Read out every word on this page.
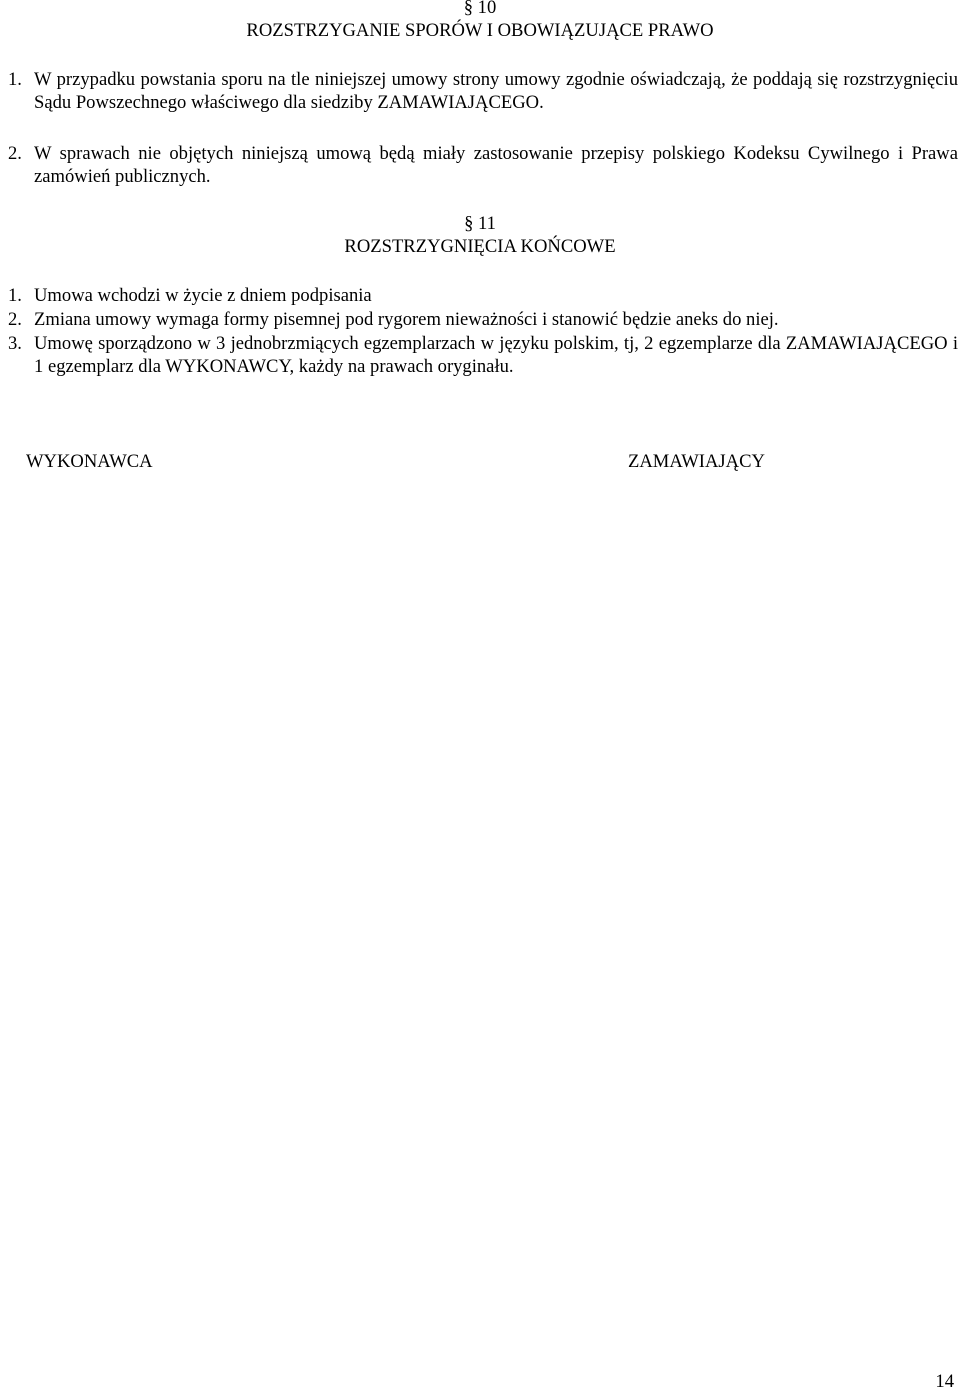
§ 10
ROZSTRZYGANIE SPORÓW I OBOWIĄZUJĄCE PRAWO
1. W przypadku powstania sporu na tle niniejszej umowy strony umowy zgodnie oświadczają, że poddają się rozstrzygnięciu Sądu Powszechnego właściwego dla siedziby ZAMAWIAJĄCEGO.
2. W sprawach nie objętych niniejszą umową będą miały zastosowanie przepisy polskiego Kodeksu Cywilnego i Prawa zamówień publicznych.
§ 11
ROZSTRZYGNIĘCIA KOŃCOWE
1. Umowa wchodzi w życie z dniem podpisania
2. Zmiana umowy wymaga formy pisemnej pod rygorem nieważności i stanowić będzie aneks do niej.
3. Umowę sporządzono w 3 jednobrzmiących egzemplarzach w języku polskim, tj, 2 egzemplarze dla ZAMAWIAJĄCEGO i 1 egzemplarz dla WYKONAWCY, każdy na prawach oryginału.
WYKONAWCA	ZAMAWIAJĄCY
14
